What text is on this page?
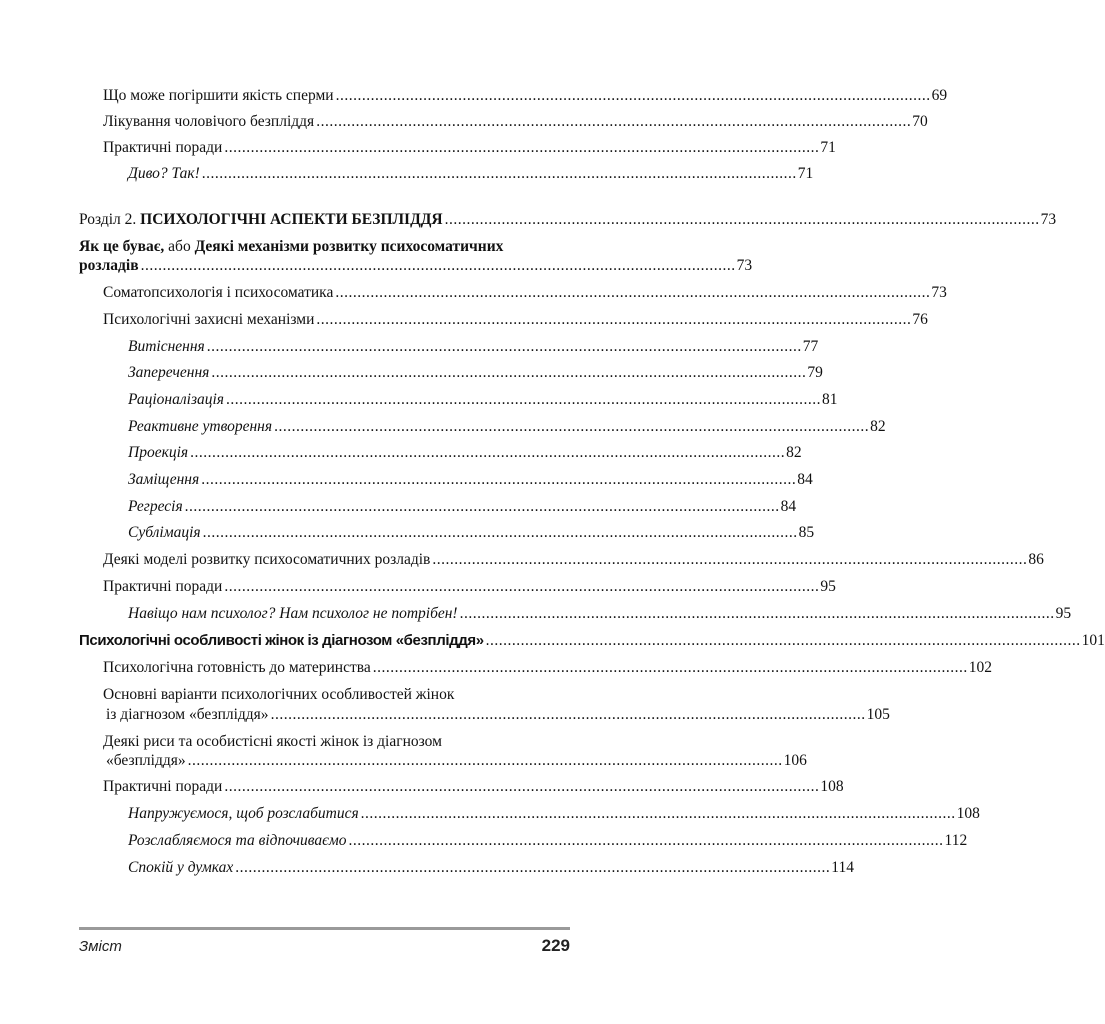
Що може погіршити якість сперми ........................................................................................................................................ 69
Лікування чоловічого безпліддя ........................................................................................................................................ 70
Практичні поради ........................................................................................................................................ 71
Диво? Так! ........................................................................................................................................ 71
Розділ 2. ПСИХОЛОГІЧНІ АСПЕКТИ БЕЗПЛІДДЯ ........................................................................................................................................ 73
Як це буває, або Деякі механізми розвитку психосоматичних
розладів ........................................................................................................................................ 73
Соматопсихологія і психосоматика ........................................................................................................................................ 73
Психологічні захисні механізми ........................................................................................................................................ 76
Витіснення ........................................................................................................................................ 77
Заперечення ........................................................................................................................................ 79
Раціоналізація ........................................................................................................................................ 81
Реактивне утворення ........................................................................................................................................ 82
Проекція ........................................................................................................................................ 82
Заміщення ........................................................................................................................................ 84
Регресія ........................................................................................................................................ 84
Сублімація ........................................................................................................................................ 85
Деякі моделі розвитку психосоматичних розладів ........................................................................................................................................ 86
Практичні поради ........................................................................................................................................ 95
Навіщо нам психолог? Нам психолог не потрібен! ........................................................................................................................................ 95
Психологічні особливості жінок із діагнозом «безпліддя» ........................................................................................................................................ 101
Психологічна готовність до материнства ........................................................................................................................................ 102
Основні варіанти психологічних особливостей жінок
із діагнозом «безпліддя» ........................................................................................................................................ 105
Деякі риси та особистісні якості жінок із діагнозом
«безпліддя» ........................................................................................................................................ 106
Практичні поради ........................................................................................................................................ 108
Напружуємося, щоб розслабитися ........................................................................................................................................ 108
Розслабляємося та відпочиваємо ........................................................................................................................................ 112
Спокій у думках ........................................................................................................................................ 114
Зміст	229
